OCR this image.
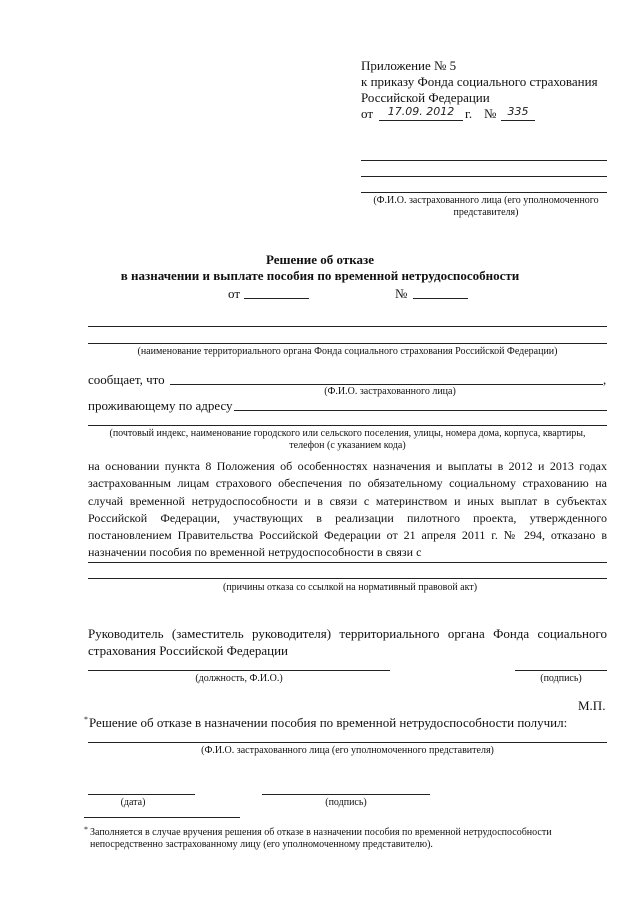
Приложение № 5
к приказу Фонда социального страхования
Российской Федерации
от	17.09. 2012 г. №	335
(Ф.И.О. застрахованного лица (его уполномоченного представителя)
Решение об отказе
в назначении и выплате пособия по временной нетрудоспособности
от	№
(наименование территориального органа Фонда социального страхования Российской Федерации)
сообщает, что	,
(Ф.И.О. застрахованного лица)
проживающему по адресу
(почтовый индекс, наименование городского или сельского поселения, улицы, номера дома, корпуса, квартиры, телефон (с указанием кода)
на основании пункта 8 Положения об особенностях назначения и выплаты в 2012 и 2013 годах застрахованным лицам страхового обеспечения по обязательному социальному страхованию на случай временной нетрудоспособности и в связи с материнством и иных выплат в субъектах Российской Федерации, участвующих в реализации пилотного проекта, утвержденного постановлением Правительства Российской Федерации от 21 апреля 2011 г. № 294, отказано в назначении пособия по временной нетрудоспособности в связи с
(причины отказа со ссылкой на нормативный правовой акт)
Руководитель (заместитель руководителя) территориального органа Фонда социального страхования Российской Федерации
(должность, Ф.И.О.)	(подпись)
М.П.
* Решение об отказе в назначении пособия по временной нетрудоспособности получил:
(Ф.И.О. застрахованного лица (его уполномоченного представителя)
(дата)	(подпись)
* Заполняется в случае вручения решения об отказе в назначении пособия по временной нетрудоспособности непосредственно застрахованному лицу (его уполномоченному представителю).
